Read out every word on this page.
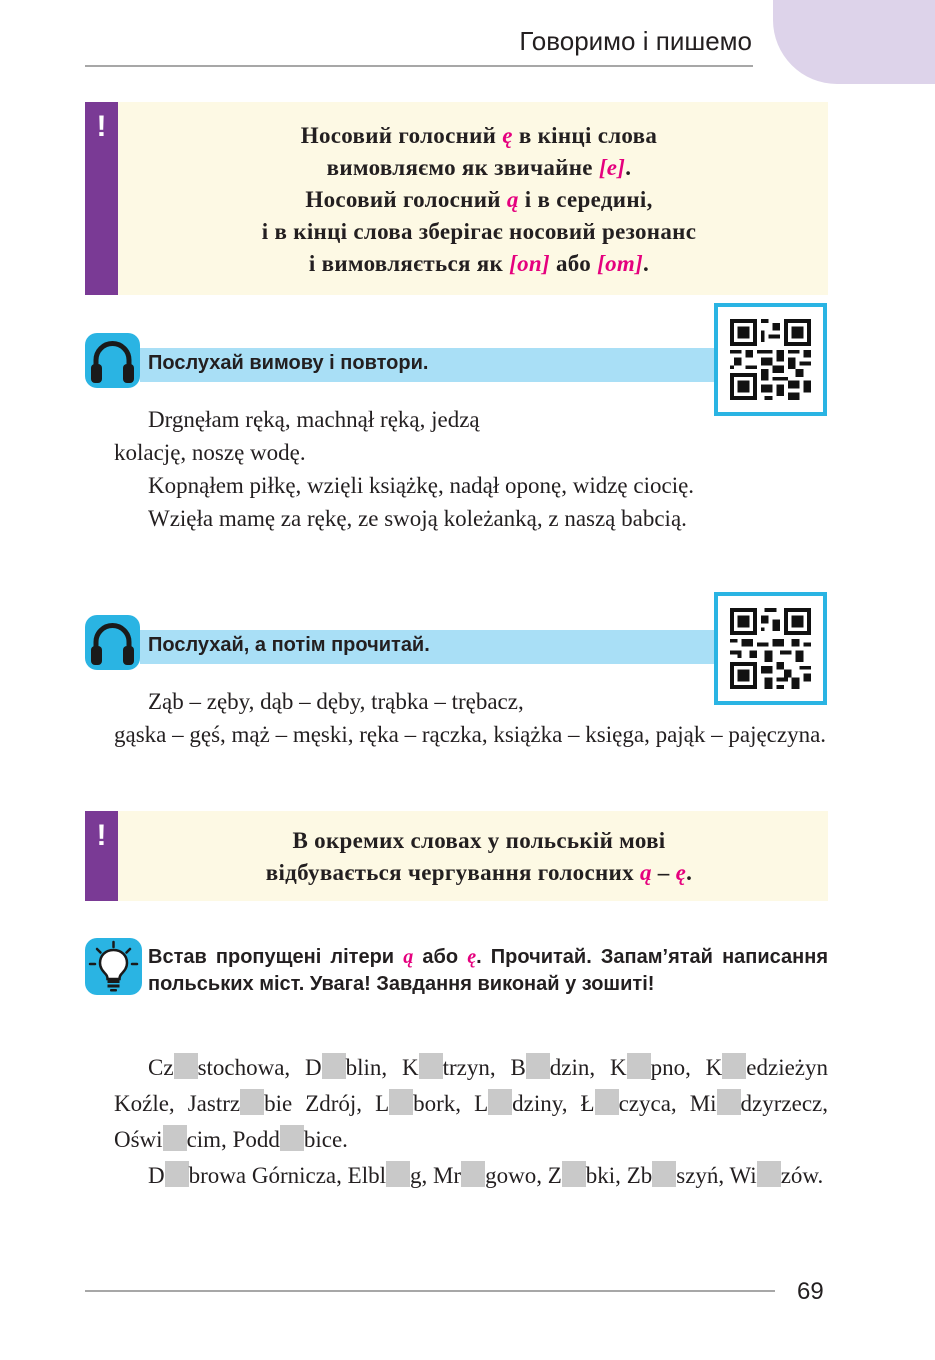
Говоримо і пишемо
!	Носовий голосний ę в кінці слова
вимовляємо як звичайне [е].
Носовий голосний ą і в середині,
і в кінці слова зберігає носовий резонанс
і вимовляється як [оп] або [от].
Послухай вимову і повтори.

Drgnęłam ręką, machnął ręką, jedzą

kolację, noszę wodę.

Kopnąłem piłkę, wzięli książkę, nadął oponę, widzę ciocię.

Wzięła mamę za rękę, ze swoją koleżanką, z naszą babcią.

Послухай, а потім прочитай.

Ząb – zęby, dąb – dęby, trąbka – trębacz,

gąska – gęś, mąż – męski, ręka – rączka, książka – księga, pająk – pajęczyna.

!	В окремих словах у польській мові
відбувається чергування голосних ą – ę.
Встав пропущені літери ą або ę. Прочитай. Запам’ятай написання польських міст. Увага! Завдання виконай у зошиті!

Cz stochowa, D blin, K trzyn, B dzin, K pno, K edzieżyn Koźle, Jastrz bie Zdrój, L bork, L dziny, Ł czyca, Mi dzyrzecz, Oświ cim, Podd bice.

D browa Górnicza, Elbl g, Mr gowo, Z bki, Zb szyń, Wi zów.

69
